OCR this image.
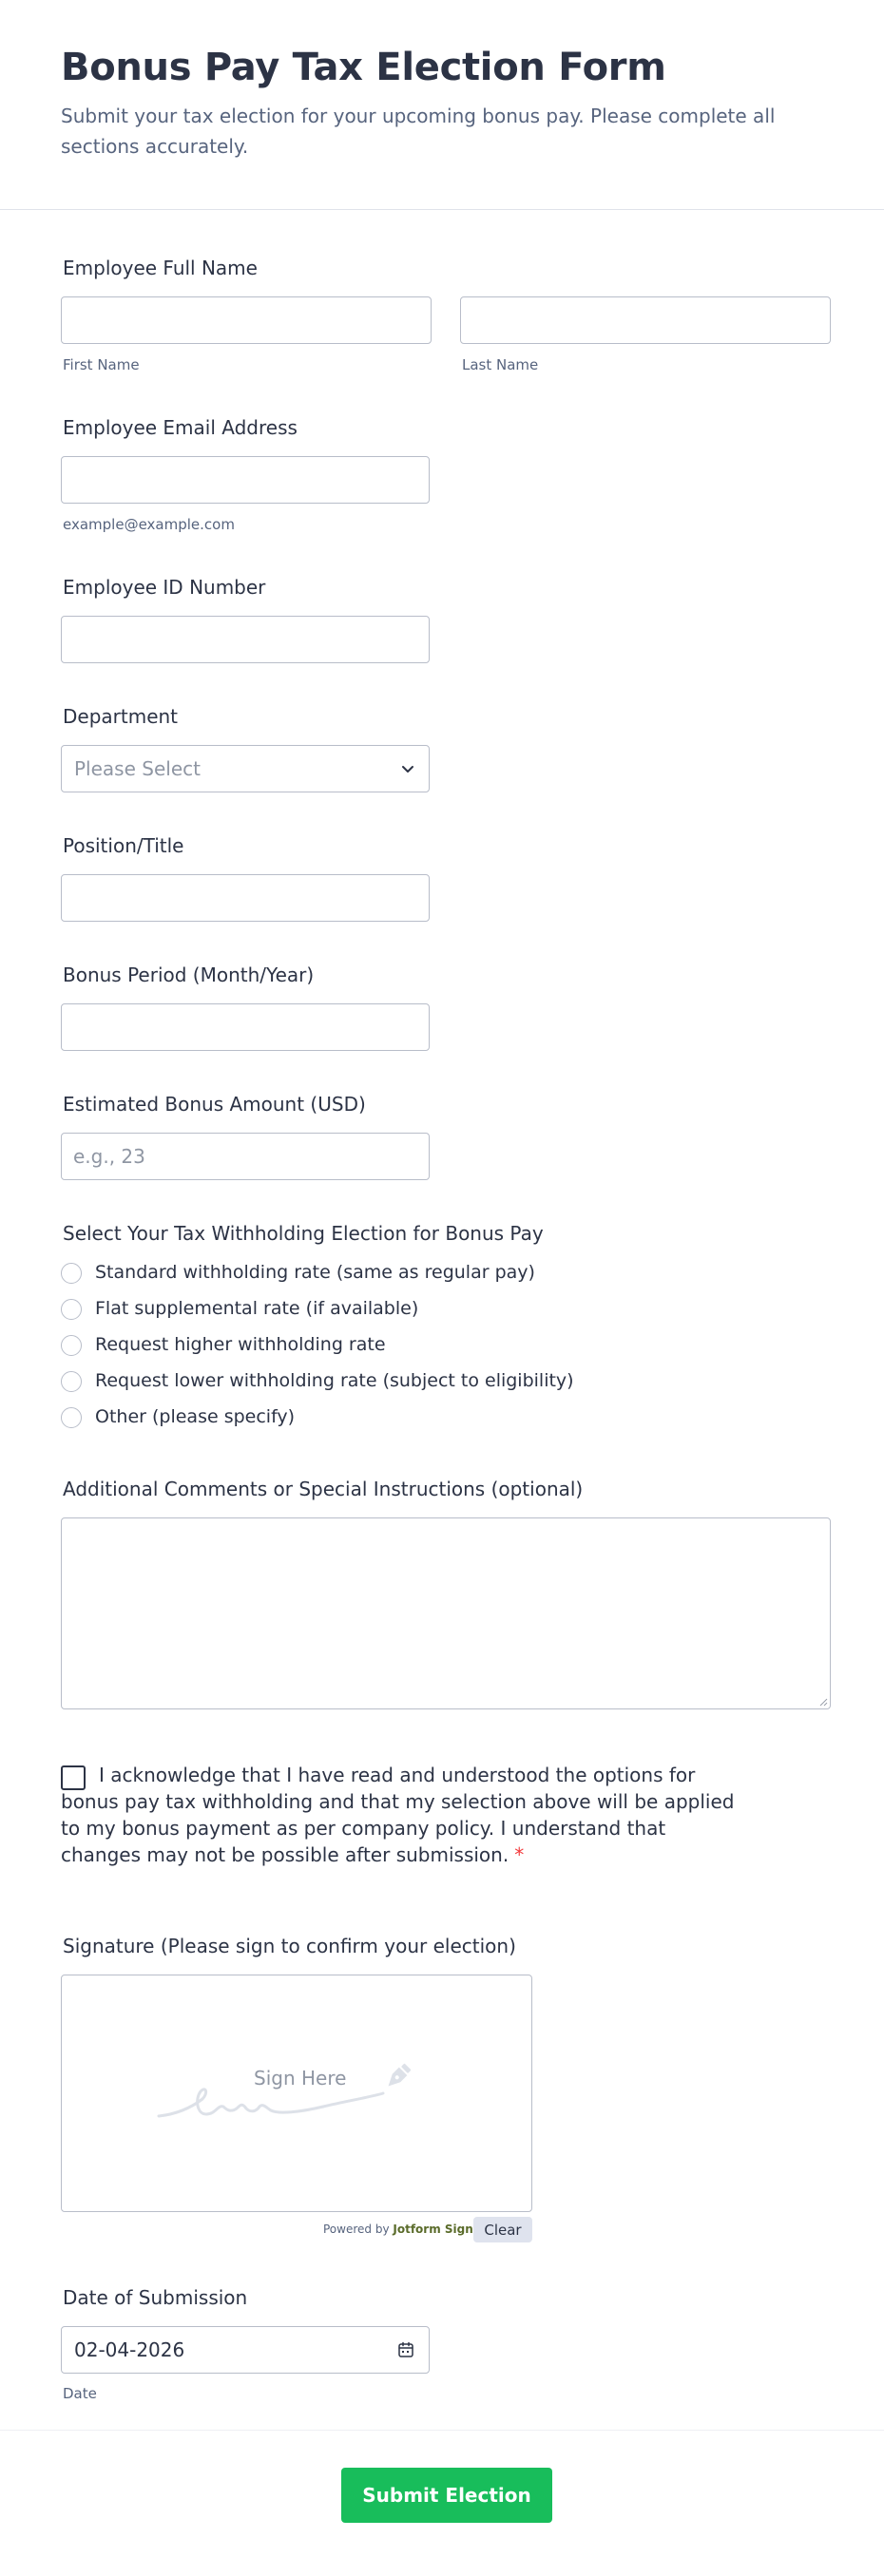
Bonus Pay Tax Election Form
Submit your tax election for your upcoming bonus pay. Please complete all sections accurately.
Employee Full Name
First Name	Last Name
Employee Email Address
example@example.com
Employee ID Number
Department
Please Select
Position/Title
Bonus Period (Month/Year)
Estimated Bonus Amount (USD)
e.g., 23
Select Your Tax Withholding Election for Bonus Pay
Standard withholding rate (same as regular pay)
Flat supplemental rate (if available)
Request higher withholding rate
Request lower withholding rate (subject to eligibility)
Other (please specify)
Additional Comments or Special Instructions (optional)
I acknowledge that I have read and understood the options for bonus pay tax withholding and that my selection above will be applied to my bonus payment as per company policy. I understand that changes may not be possible after submission. *
Signature (Please sign to confirm your election)
Sign Here
Powered by Jotform Sign Clear
Date of Submission
02-04-2026
Date
Submit Election
